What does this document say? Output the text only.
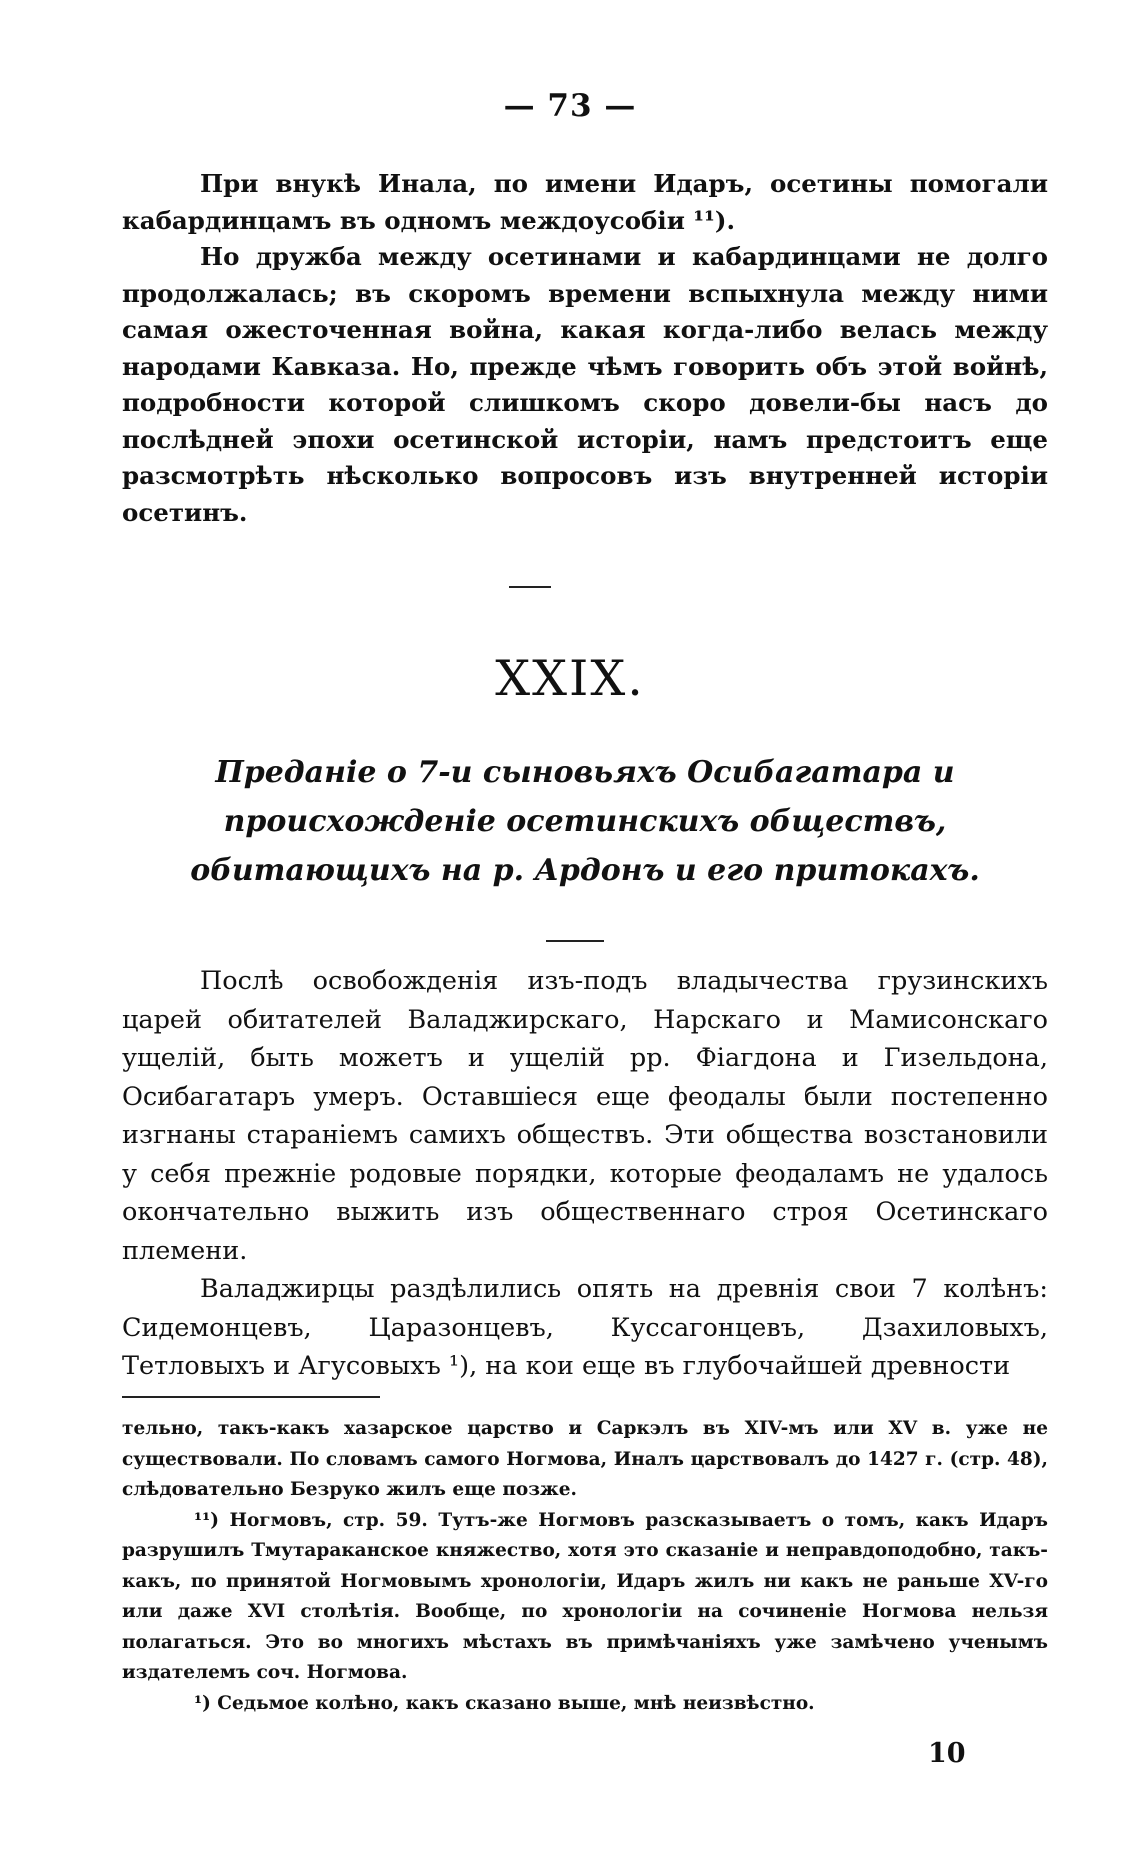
— 73 —

При внукѣ Инала, по имени Идаръ, осетины помогали кабардинцамъ въ одномъ междоусобіи ¹¹).

Но дружба между осетинами и кабардинцами не долго продолжалась; въ скоромъ времени вспыхнула между ними самая ожесточенная война, какая когда-либо велась между народами Кавказа. Но, прежде чѣмъ говорить объ этой войнѣ, подробности которой слишкомъ скоро довели-бы насъ до послѣдней эпохи осетинской исторіи, намъ предстоитъ еще разсмотрѣть нѣсколько вопросовъ изъ внутренней исторіи осетинъ.

XXIX.
Преданіе о 7-и сыновьяхъ Осибагатара и происхожденіе осетинскихъ обществъ, обитающихъ на р. Ардонъ и его притокахъ.

Послѣ освобожденія изъ-подъ владычества грузинскихъ царей обитателей Валаджирскаго, Нарскаго и Мамисонскаго ущелій, быть можетъ и ущелій рр. Фіагдона и Гизельдона, Осибагатаръ умеръ. Оставшіеся еще феодалы были постепенно изгнаны стараніемъ самихъ обществъ. Эти общества возстановили у себя прежніе родовые порядки, которые феодаламъ не удалось окончательно выжить изъ общественнаго строя Осетинскаго племени.

Валаджирцы раздѣлились опять на древнія свои 7 колѣнъ: Сидемонцевъ, Царазонцевъ, Куссагонцевъ, Дзахиловыхъ, Тетловыхъ и Агусовыхъ ¹), на кои еще въ глубочайшей древности

тельно, такъ-какъ хазарское царство и Саркэлъ въ XIV-мъ или XV в. уже не существовали. По словамъ самого Ногмова, Иналъ царствовалъ до 1427 г. (стр. 48), слѣдовательно Безруко жилъ еще позже.

¹¹) Ногмовъ, стр. 59. Тутъ-же Ногмовъ разсказываетъ о томъ, какъ Идаръ разрушилъ Тмутараканское княжество, хотя это сказаніе и неправдоподобно, такъ-какъ, по принятой Ногмовымъ хронологіи, Идаръ жилъ ни какъ не раньше XV-го или даже XVI столѣтія. Вообще, по хронологіи на сочиненіе Ногмова нельзя полагаться. Это во многихъ мѣстахъ въ примѣчаніяхъ уже замѣчено ученымъ издателемъ соч. Ногмова.

¹) Седьмое колѣно, какъ сказано выше, мнѣ неизвѣстно.

10
